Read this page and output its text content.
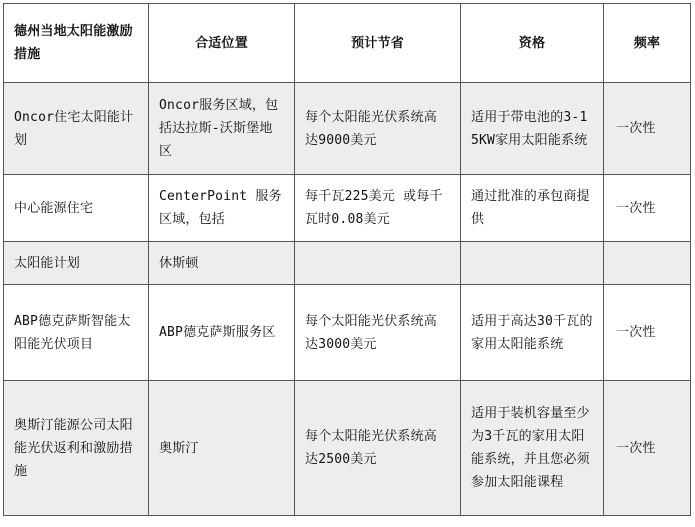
德州当地太阳能激励措施	合适位置	预计节省	资格	频率
Oncor住宅太阳能计划	Oncor服务区域，包括达拉斯-沃斯堡地区	每个太阳能光伏系统高达9000美元	适用于带电池的3-15KW家用太阳能系统	一次性
中心能源住宅	CenterPoint 服务区域，包括	每千瓦225美元 或每千瓦时0.08美元	通过批准的承包商提供	一次性
太阳能计划	休斯顿			
ABP德克萨斯智能太阳能光伏项目	ABP德克萨斯服务区	每个太阳能光伏系统高达3000美元	适用于高达30千瓦的家用太阳能系统	一次性
奥斯汀能源公司太阳能光伏返利和激励措施	奥斯汀	每个太阳能光伏系统高达2500美元	适用于装机容量至少为3千瓦的家用太阳能系统，并且您必须参加太阳能课程	一次性
